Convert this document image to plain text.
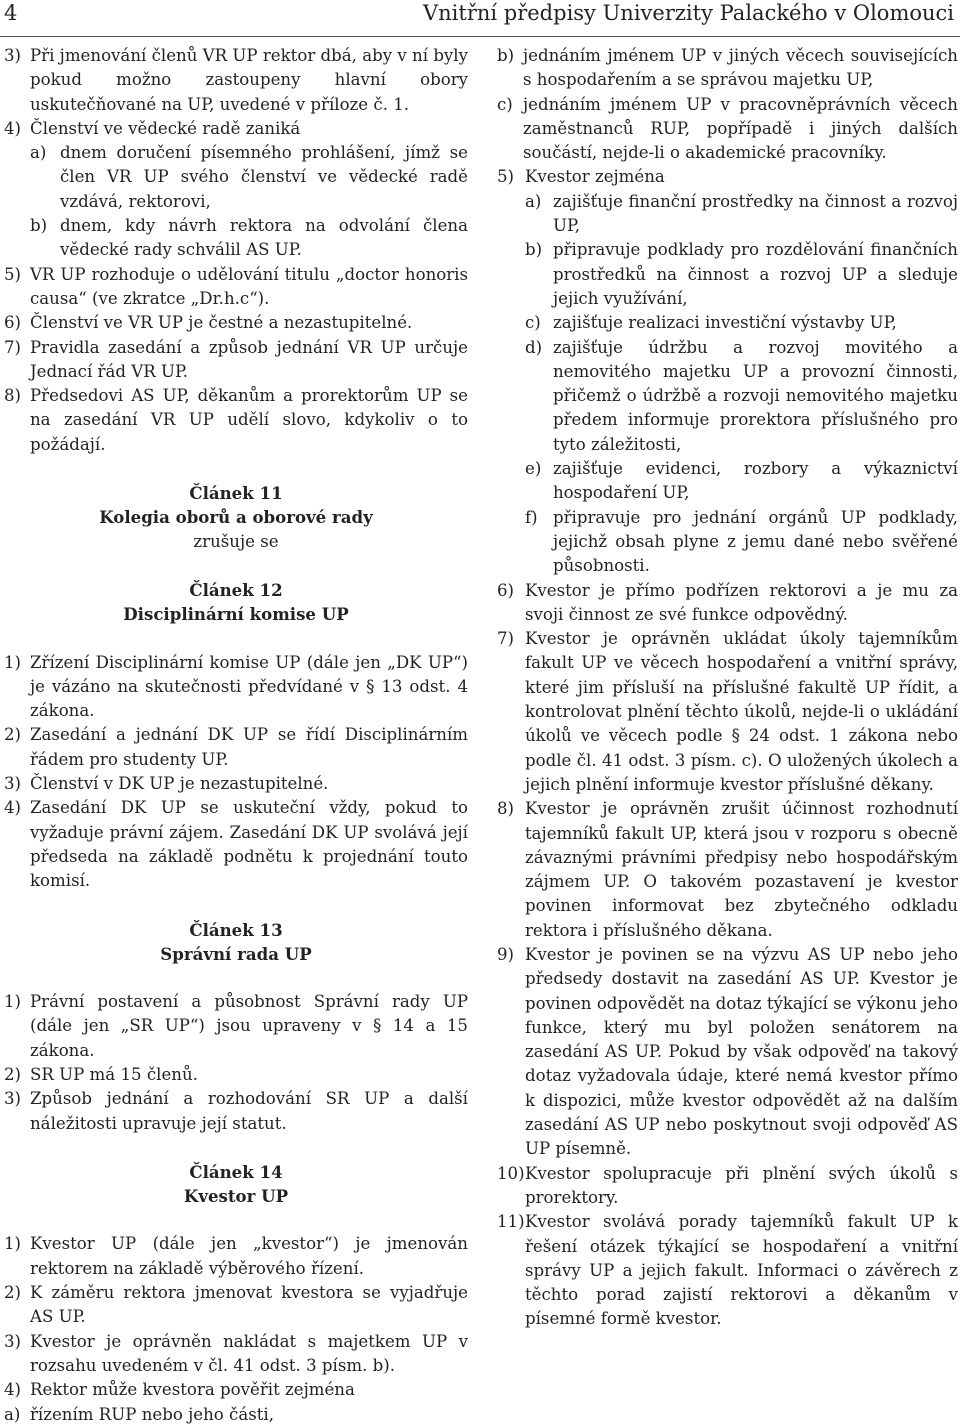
4	Vnitřní předpisy Univerzity Palackého v Olomouci
3) Při jmenování členů VR UP rektor dbá, aby v ní byly pokud možno zastoupeny hlavní obory uskutečňované na UP, uvedené v příloze č. 1.
4) Členství ve vědecké radě zaniká
a) dnem doručení písemného prohlášení, jímž se člen VR UP svého členství ve vědecké radě vzdává, rektorovi,
b) dnem, kdy návrh rektora na odvolání člena vědecké rady schválil AS UP.
5) VR UP rozhoduje o udělování titulu „doctor honoris causa“ (ve zkratce „Dr.h.c“).
6) Členství ve VR UP je čestné a nezastupitelné.
7) Pravidla zasedání a způsob jednání VR UP určuje Jednací řád VR UP.
8) Předsedovi AS UP, děkanům a prorektorům UP se na zasedání VR UP udělí slovo, kdykoliv o to požádají.
Článek 11
Kolegia oborů a oborové rady
zrušuje se
Článek 12
Disciplinární komise UP
1) Zřízení Disciplinární komise UP (dále jen „DK UP“) je vázáno na skutečnosti předvídané v § 13 odst. 4 zákona.
2) Zasedání a jednání DK UP se řídí Disciplinárním řádem pro studenty UP.
3) Členství v DK UP je nezastupitelné.
4) Zasedání DK UP se uskuteční vždy, pokud to vyžaduje právní zájem. Zasedání DK UP svolává její předseda na základě podnětu k projednání touto komisí.
Článek 13
Správní rada UP
1) Právní postavení a působnost Správní rady UP (dále jen „SR UP“) jsou upraveny v § 14 a 15 zákona.
2) SR UP má 15 členů.
3) Způsob jednání a rozhodování SR UP a další náležitosti upravuje její statut.
Článek 14
Kvestor UP
1) Kvestor UP (dále jen „kvestor“) je jmenován rektorem na základě výběrového řízení.
2) K záměru rektora jmenovat kvestora se vyjadřuje AS UP.
3) Kvestor je oprávněn nakládat s majetkem UP v rozsahu uvedeném v čl. 41 odst. 3 písm. b).
4) Rektor může kvestora pověřit zejména
a) řízením RUP nebo jeho části,
b) jednáním jménem UP v jiných věcech souvisejících s hospodařením a se správou majetku UP,
c) jednáním jménem UP v pracovněprávních věcech zaměstnanců RUP, popřípadě i jiných dalších součástí, nejde-li o akademické pracovníky.
5) Kvestor zejména
a) zajišťuje finanční prostředky na činnost a rozvoj UP,
b) připravuje podklady pro rozdělování finančních prostředků na činnost a rozvoj UP a sleduje jejich využívání,
c) zajišťuje realizaci investiční výstavby UP,
d) zajišťuje údržbu a rozvoj movitého a nemovitého majetku UP a provozní činnosti, přičemž o údržbě a rozvoji nemovitého majetku předem informuje prorektora příslušného pro tyto záležitosti,
e) zajišťuje evidenci, rozbory a výkaznictví hospodaření UP,
f) připravuje pro jednání orgánů UP podklady, jejichž obsah plyne z jemu dané nebo svěřené působnosti.
6) Kvestor je přímo podřízen rektorovi a je mu za svoji činnost ze své funkce odpovědný.
7) Kvestor je oprávněn ukládat úkoly tajemníkům fakult UP ve věcech hospodaření a vnitřní správy, které jim přísluší na příslušné fakultě UP řídit, a kontrolovat plnění těchto úkolů, nejde-li o ukládání úkolů ve věcech podle § 24 odst. 1 zákona nebo podle čl. 41 odst. 3 písm. c). O uložených úkolech a jejich plnění informuje kvestor příslušné děkany.
8) Kvestor je oprávněn zrušit účinnost rozhodnutí tajemníků fakult UP, která jsou v rozporu s obecně závaznými právními předpisy nebo hospodářským zájmem UP. O takovém pozastavení je kvestor povinen informovat bez zbytečného odkladu rektora i příslušného děkana.
9) Kvestor je povinen se na výzvu AS UP nebo jeho předsedy dostavit na zasedání AS UP. Kvestor je povinen odpovědět na dotaz týkající se výkonu jeho funkce, který mu byl položen senátorem na zasedání AS UP. Pokud by však odpověď na takový dotaz vyžadovala údaje, které nemá kvestor přímo k dispozici, může kvestor odpovědět až na dalším zasedání AS UP nebo poskytnout svoji odpověď AS UP písemně.
10) Kvestor spolupracuje při plnění svých úkolů s prorektory.
11) Kvestor svolává porady tajemníků fakult UP k řešení otázek týkající se hospodaření a vnitřní správy UP a jejich fakult. Informaci o závěrech z těchto porad zajistí rektorovi a děkanům v písemné formě kvestor.
